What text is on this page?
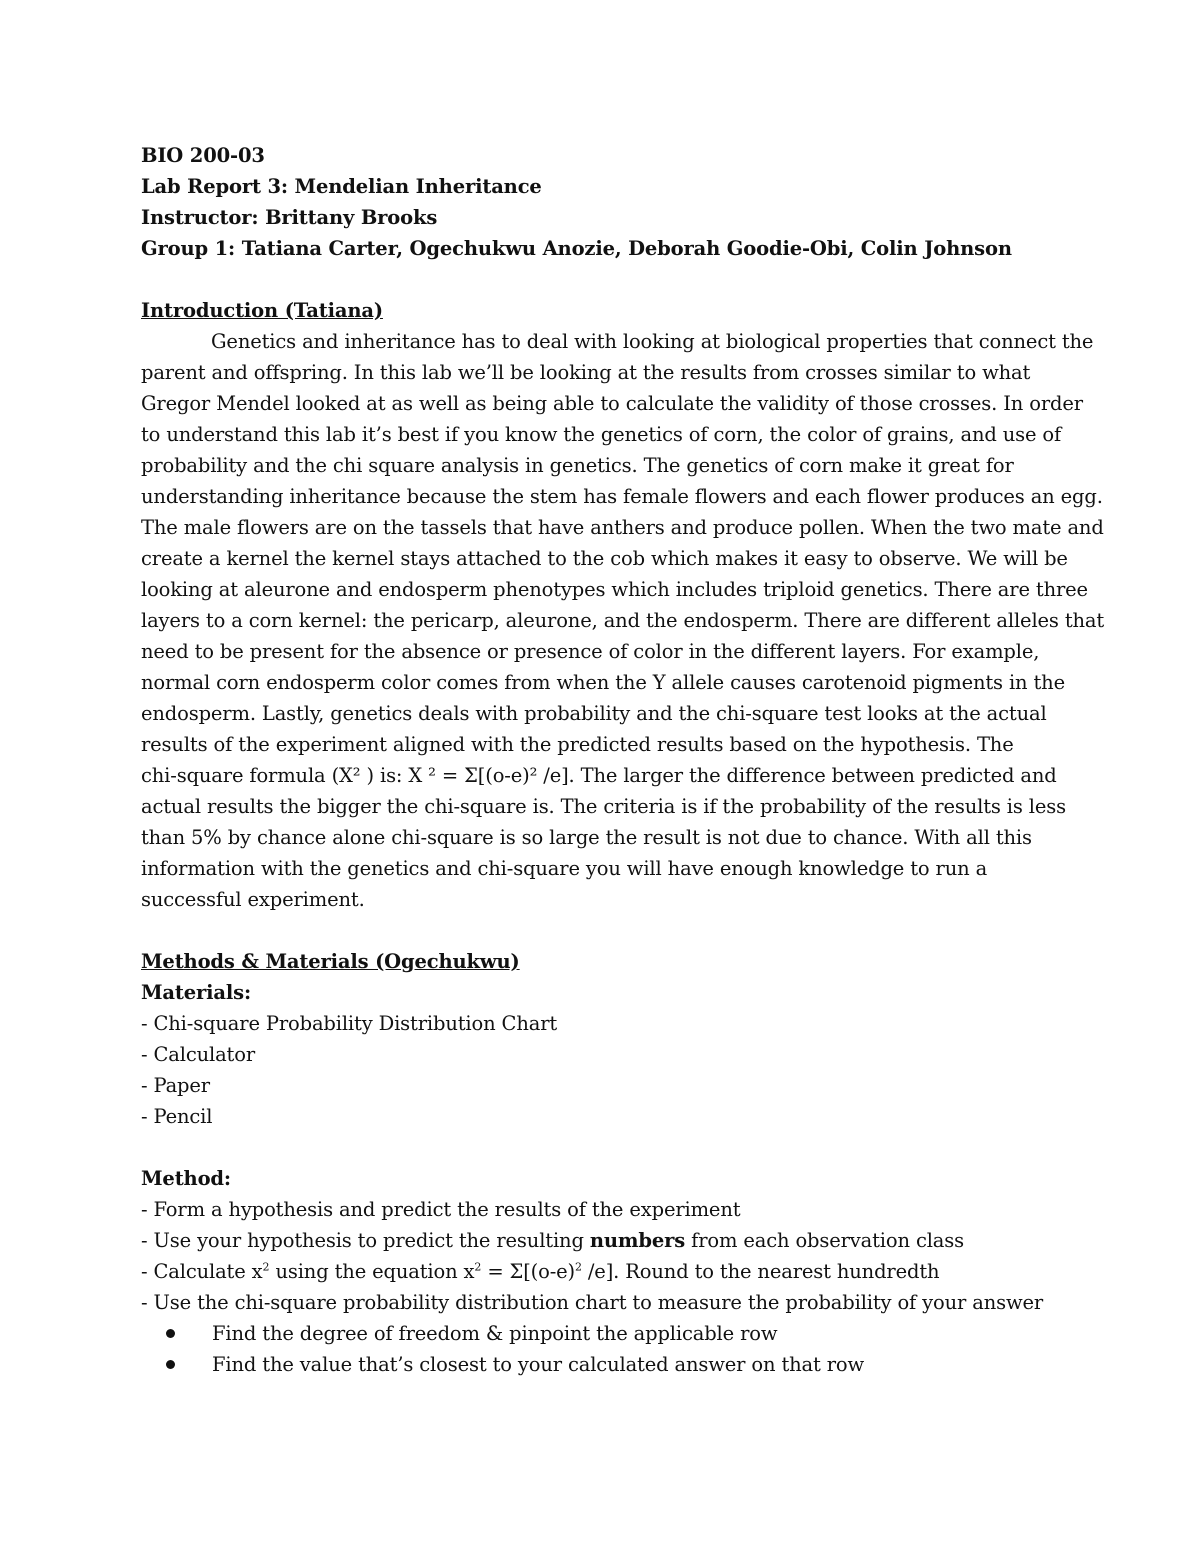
BIO 200-03
Lab Report 3: Mendelian Inheritance
Instructor: Brittany Brooks
Group 1: Tatiana Carter, Ogechukwu Anozie, Deborah Goodie-Obi, Colin Johnson
Introduction (Tatiana)
Genetics and inheritance has to deal with looking at biological properties that connect the
parent and offspring. In this lab we’ll be looking at the results from crosses similar to what
Gregor Mendel looked at as well as being able to calculate the validity of those crosses. In order
to understand this lab it’s best if you know the genetics of corn, the color of grains, and use of
probability and the chi square analysis in genetics. The genetics of corn make it great for
understanding inheritance because the stem has female flowers and each flower produces an egg.
The male flowers are on the tassels that have anthers and produce pollen. When the two mate and
create a kernel the kernel stays attached to the cob which makes it easy to observe. We will be
looking at aleurone and endosperm phenotypes which includes triploid genetics. There are three
layers to a corn kernel: the pericarp, aleurone, and the endosperm. There are different alleles that
need to be present for the absence or presence of color in the different layers. For example,
normal corn endosperm color comes from when the Y allele causes carotenoid pigments in the
endosperm. Lastly, genetics deals with probability and the chi-square test looks at the actual
results of the experiment aligned with the predicted results based on the hypothesis. The
chi-square formula (X² ) is: X ² = Σ[(o-e)² /e]. The larger the difference between predicted and
actual results the bigger the chi-square is. The criteria is if the probability of the results is less
than 5% by chance alone chi-square is so large the result is not due to chance. With all this
information with the genetics and chi-square you will have enough knowledge to run a
successful experiment.
Methods & Materials (Ogechukwu)
Materials:
- Chi-square Probability Distribution Chart
- Calculator
- Paper
- Pencil
Method:
- Form a hypothesis and predict the results of the experiment
- Use your hypothesis to predict the resulting numbers from each observation class
- Calculate $x^2$ using the equation $x^2 = \Sigma[(o-e)^2$ /e]. Round to the nearest hundredth
- Use the chi-square probability distribution chart to measure the probability of your answer
Find the degree of freedom & pinpoint the applicable row
Find the value that’s closest to your calculated answer on that row
